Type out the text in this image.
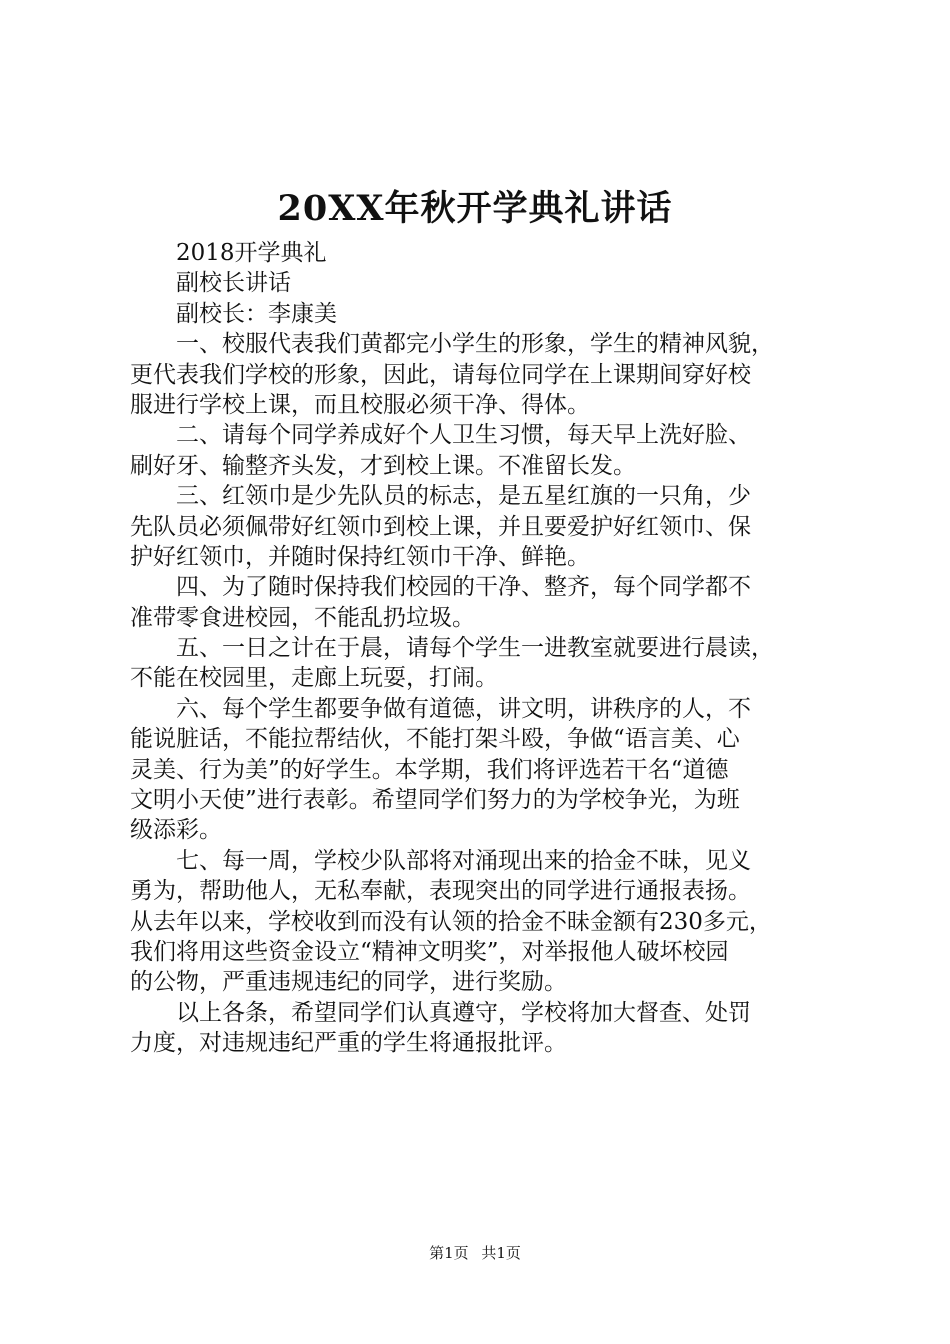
20XX年秋开学典礼讲话
2018开学典礼
副校长讲话
副校长：李康美
一、校服代表我们黄都完小学生的形象，学生的精神风貌，
更代表我们学校的形象，因此，请每位同学在上课期间穿好校
服进行学校上课，而且校服必须干净、得体。
二、请每个同学养成好个人卫生习惯，每天早上洗好脸、
刷好牙、输整齐头发，才到校上课。不准留长发。
三、红领巾是少先队员的标志，是五星红旗的一只角，少
先队员必须佩带好红领巾到校上课，并且要爱护好红领巾、保
护好红领巾，并随时保持红领巾干净、鲜艳。
四、为了随时保持我们校园的干净、整齐，每个同学都不
准带零食进校园，不能乱扔垃圾。
五、一日之计在于晨，请每个学生一进教室就要进行晨读，
不能在校园里，走廊上玩耍，打闹。
六、每个学生都要争做有道德，讲文明，讲秩序的人，不
能说脏话，不能拉帮结伙，不能打架斗殴，争做“语言美、心
灵美、行为美”的好学生。本学期，我们将评选若干名“道德
文明小天使”进行表彰。希望同学们努力的为学校争光，为班
级添彩。
七、每一周，学校少队部将对涌现出来的拾金不昧，见义
勇为，帮助他人，无私奉献，表现突出的同学进行通报表扬。
从去年以来，学校收到而没有认领的拾金不昧金额有230多元，
我们将用这些资金设立“精神文明奖”，对举报他人破坏校园
的公物，严重违规违纪的同学，进行奖励。
以上各条，希望同学们认真遵守，学校将加大督查、处罚
力度，对违规违纪严重的学生将通报批评。
第1页 共1页
